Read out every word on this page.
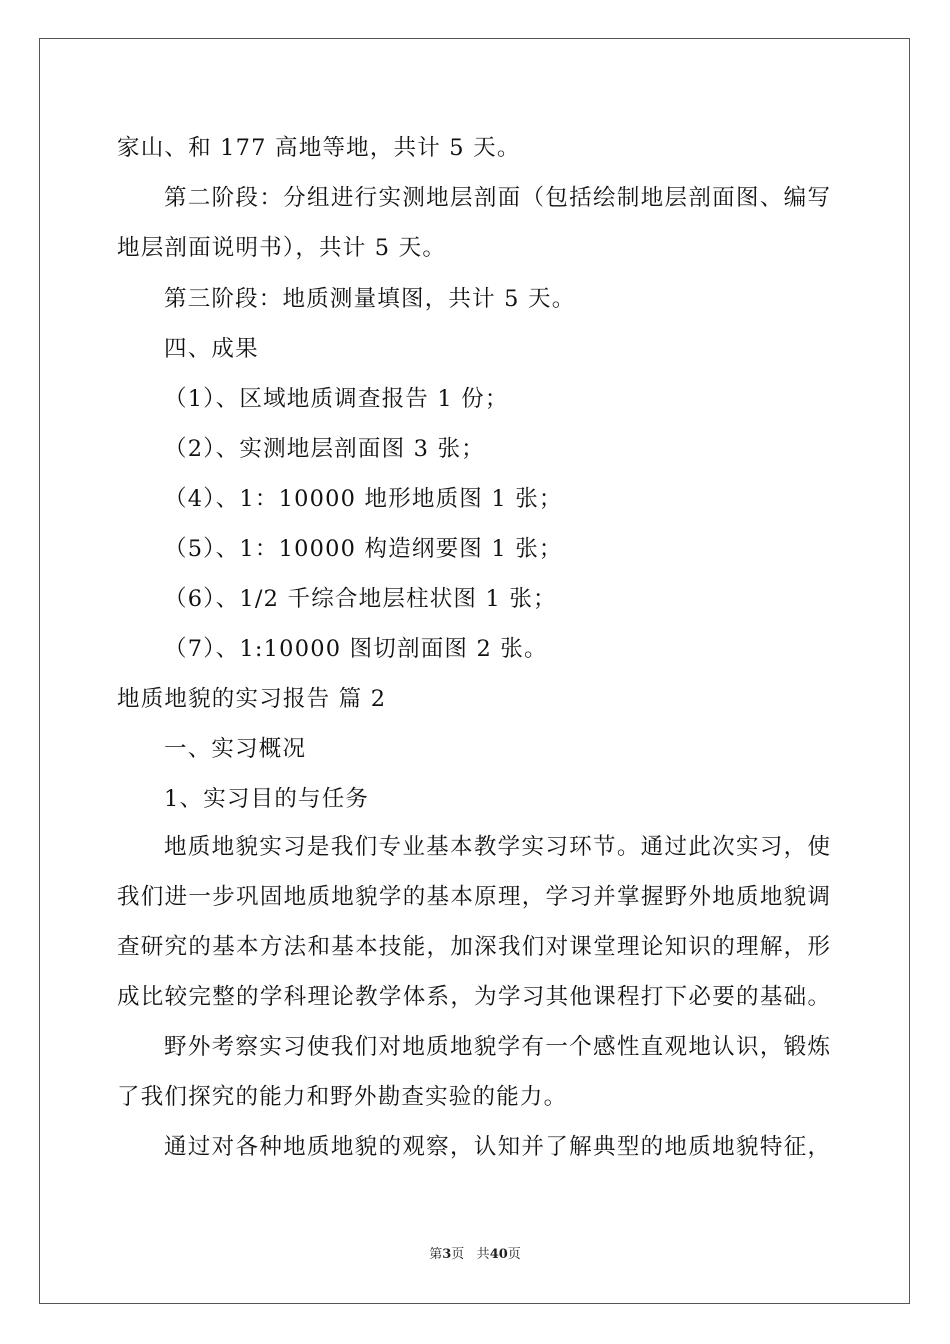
家山、和 177 高地等地，共计 5 天。
第二阶段：分组进行实测地层剖面（包括绘制地层剖面图、编写
地层剖面说明书），共计 5 天。
第三阶段：地质测量填图，共计 5 天。
四、成果
（1）、区域地质调查报告 1 份；
（2）、实测地层剖面图 3 张；
（4）、1：10000 地形地质图 1 张；
（5）、1：10000 构造纲要图 1 张；
（6）、1/2 千综合地层柱状图 1 张；
（7）、1:10000 图切剖面图 2 张。
地质地貌的实习报告 篇 2
一、实习概况
1、实习目的与任务
地质地貌实习是我们专业基本教学实习环节。通过此次实习，使
我们进一步巩固地质地貌学的基本原理，学习并掌握野外地质地貌调
查研究的基本方法和基本技能，加深我们对课堂理论知识的理解，形
成比较完整的学科理论教学体系，为学习其他课程打下必要的基础。
野外考察实习使我们对地质地貌学有一个感性直观地认识，锻炼
了我们探究的能力和野外勘查实验的能力。
通过对各种地质地貌的观察，认知并了解典型的地质地貌特征，
第3页 共40页
